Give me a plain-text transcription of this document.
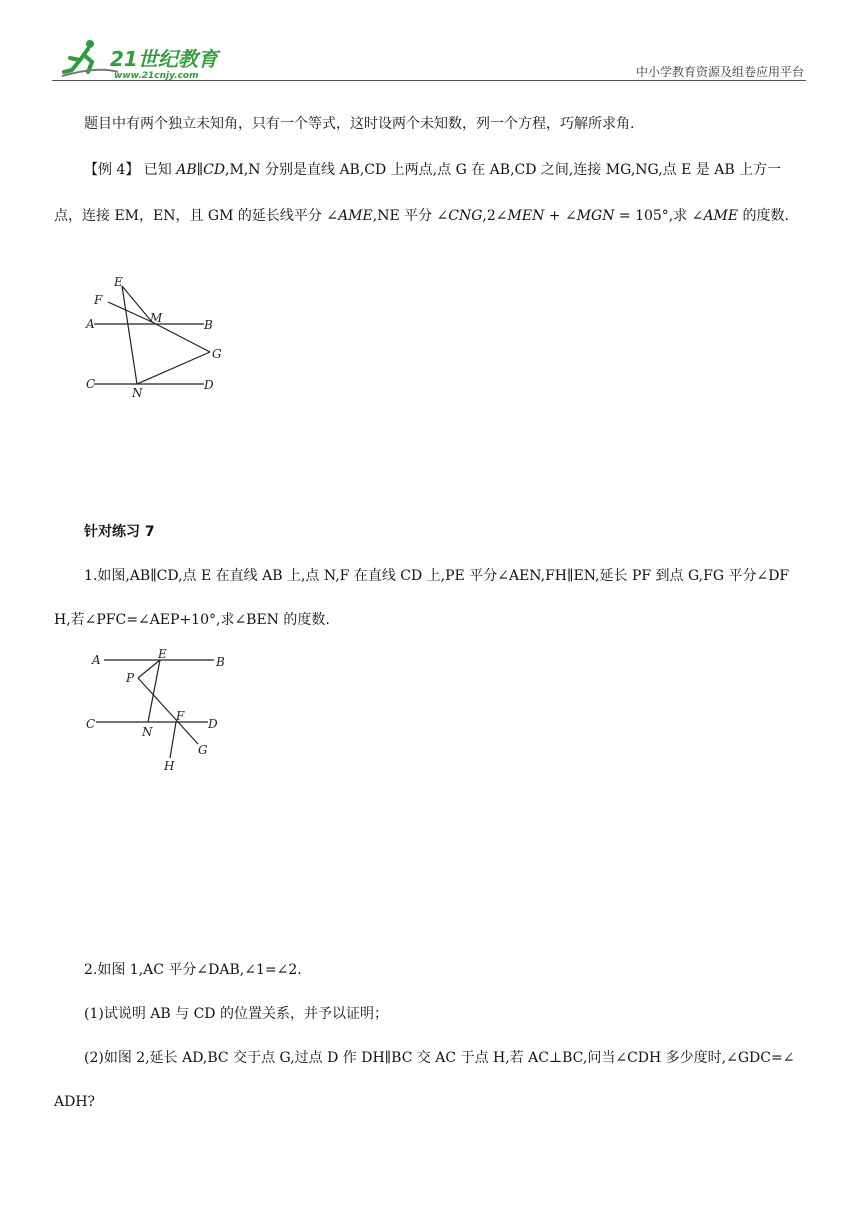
21世纪教育
www.21cnjy.com	中小学教育资源及组卷应用平台
题目中有两个独立未知角，只有一个等式，这时设两个未知数，列一个方程，巧解所求角.
【例 4】 已知 𝐴𝐵∥𝐶𝐷,M,N 分别是直线 AB,CD 上两点,点 G 在 AB,CD 之间,连接 MG,NG,点 E 是 AB 上方一
点，连接 EM，EN，且 GM 的延长线平分 ∠𝐴𝑀𝐸,NE 平分 ∠𝐶𝑁𝐺,2∠𝑀𝐸𝑁 + ∠𝑀𝐺𝑁 = 105°,求 ∠𝐴𝑀𝐸 的度数.
E
F
A	M	B
G
C
N
D
针对练习 7
1.如图,AB∥CD,点 E 在直线 AB 上,点 N,F 在直线 CD 上,PE 平分∠AEN,FH∥EN,延长 PF 到点 G,FG 平分∠DF
H,若∠PFC=∠AEP+10°,求∠BEN 的度数.
A	E
B
P
C
F
D
N
G
H
2.如图 1,AC 平分∠DAB,∠1=∠2.
(1)试说明 AB 与 CD 的位置关系，并予以证明；
(2)如图 2,延长 AD,BC 交于点 G,过点 D 作 DH∥BC 交 AC 于点 H,若 AC⊥BC,问当∠CDH 多少度时,∠GDC=∠
ADH?
